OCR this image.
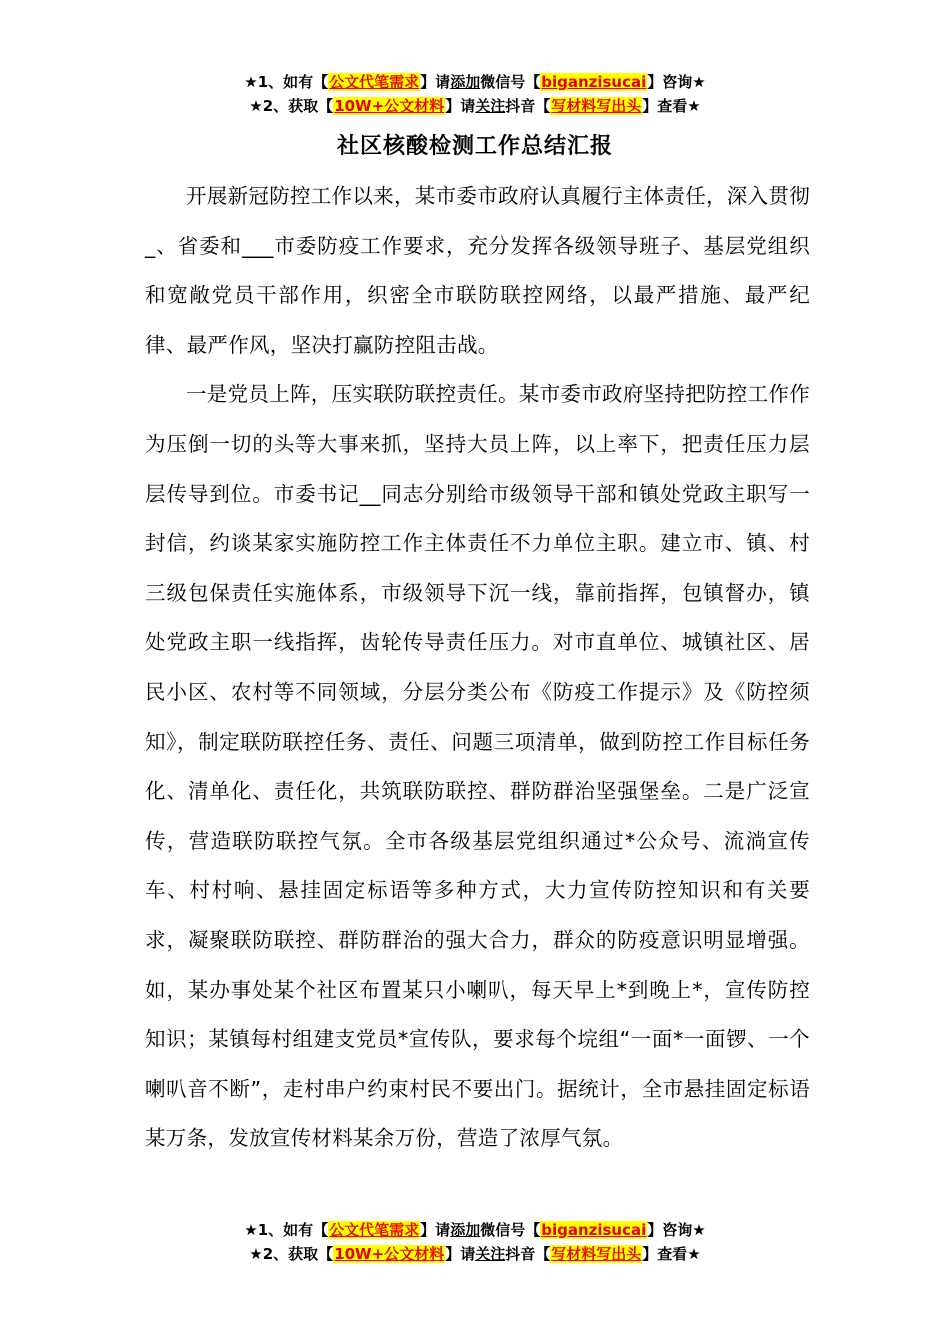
★1、如有【公文代笔需求】请添加微信号【biganzisucai】咨询★
★2、获取【10W+公文材料】请关注抖音【写材料写出头】查看★
社区核酸检测工作总结汇报

开展新冠防控工作以来，某市委市政府认真履行主体责任，深入贯彻_、省委和___市委防疫工作要求，充分发挥各级领导班子、基层党组织和宽敞党员干部作用，织密全市联防联控网络，以最严措施、最严纪律、最严作风，坚决打赢防控阻击战。

一是党员上阵，压实联防联控责任。某市委市政府坚持把防控工作作为压倒一切的头等大事来抓，坚持大员上阵，以上率下，把责任压力层层传导到位。市委书记__同志分别给市级领导干部和镇处党政主职写一封信，约谈某家实施防控工作主体责任不力单位主职。建立市、镇、村三级包保责任实施体系，市级领导下沉一线，靠前指挥，包镇督办，镇处党政主职一线指挥，齿轮传导责任压力。对市直单位、城镇社区、居民小区、农村等不同领域，分层分类公布《防疫工作提示》及《防控须知》，制定联防联控任务、责任、问题三项清单，做到防控工作目标任务化、清单化、责任化，共筑联防联控、群防群治坚强堡垒。二是广泛宣传，营造联防联控气氛。全市各级基层党组织通过*公众号、流淌宣传车、村村响、悬挂固定标语等多种方式，大力宣传防控知识和有关要求，凝聚联防联控、群防群治的强大合力，群众的防疫意识明显增强。如，某办事处某个社区布置某只小喇叭，每天早上*到晚上*，宣传防控知识；某镇每村组建支党员*宣传队，要求每个垸组“一面*一面锣、一个喇叭音不断”，走村串户约束村民不要出门。据统计，全市悬挂固定标语某万条，发放宣传材料某余万份，营造了浓厚气氛。

★1、如有【公文代笔需求】请添加微信号【biganzisucai】咨询★
★2、获取【10W+公文材料】请关注抖音【写材料写出头】查看★
